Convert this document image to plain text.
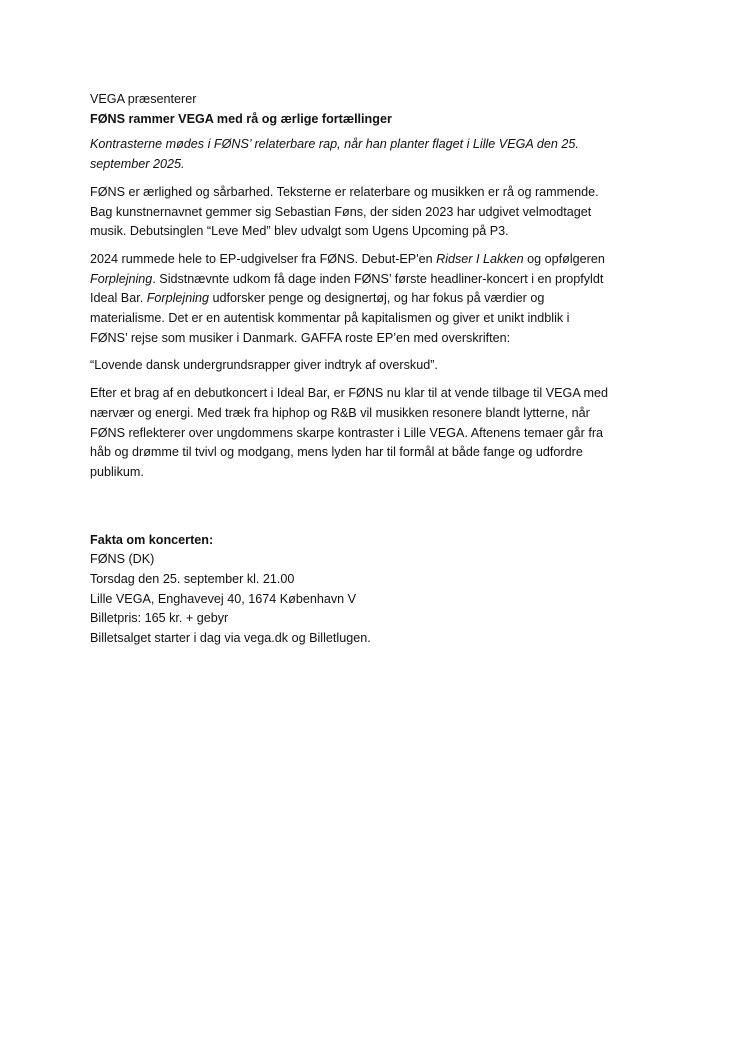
VEGA præsenterer
FØNS rammer VEGA med rå og ærlige fortællinger
Kontrasterne mødes i FØNS’ relaterbare rap, når han planter flaget i Lille VEGA den 25.
september 2025.
FØNS er ærlighed og sårbarhed. Teksterne er relaterbare og musikken er rå og rammende.
Bag kunstnernavnet gemmer sig Sebastian Føns, der siden 2023 har udgivet velmodtaget
musik. Debutsinglen “Leve Med” blev udvalgt som Ugens Upcoming på P3.
2024 rummede hele to EP-udgivelser fra FØNS. Debut-EP'en Ridser I Lakken og opfølgeren
Forplejning. Sidstnævnte udkom få dage inden FØNS’ første headliner-koncert i en propfyldt
Ideal Bar. Forplejning udforsker penge og designertøj, og har fokus på værdier og
materialisme. Det er en autentisk kommentar på kapitalismen og giver et unikt indblik i
FØNS’ rejse som musiker i Danmark. GAFFA roste EP’en med overskriften:
“Lovende dansk undergrundsrapper giver indtryk af overskud”.
Efter et brag af en debutkoncert i Ideal Bar, er FØNS nu klar til at vende tilbage til VEGA med
nærvær og energi. Med træk fra hiphop og R&B vil musikken resonere blandt lytterne, når
FØNS reflekterer over ungdommens skarpe kontraster i Lille VEGA. Aftenens temaer går fra
håb og drømme til tvivl og modgang, mens lyden har til formål at både fange og udfordre
publikum.
Fakta om koncerten:
FØNS (DK)
Torsdag den 25. september kl. 21.00
Lille VEGA, Enghavevej 40, 1674 København V
Billetpris: 165 kr. + gebyr
Billetsalget starter i dag via vega.dk og Billetlugen.
